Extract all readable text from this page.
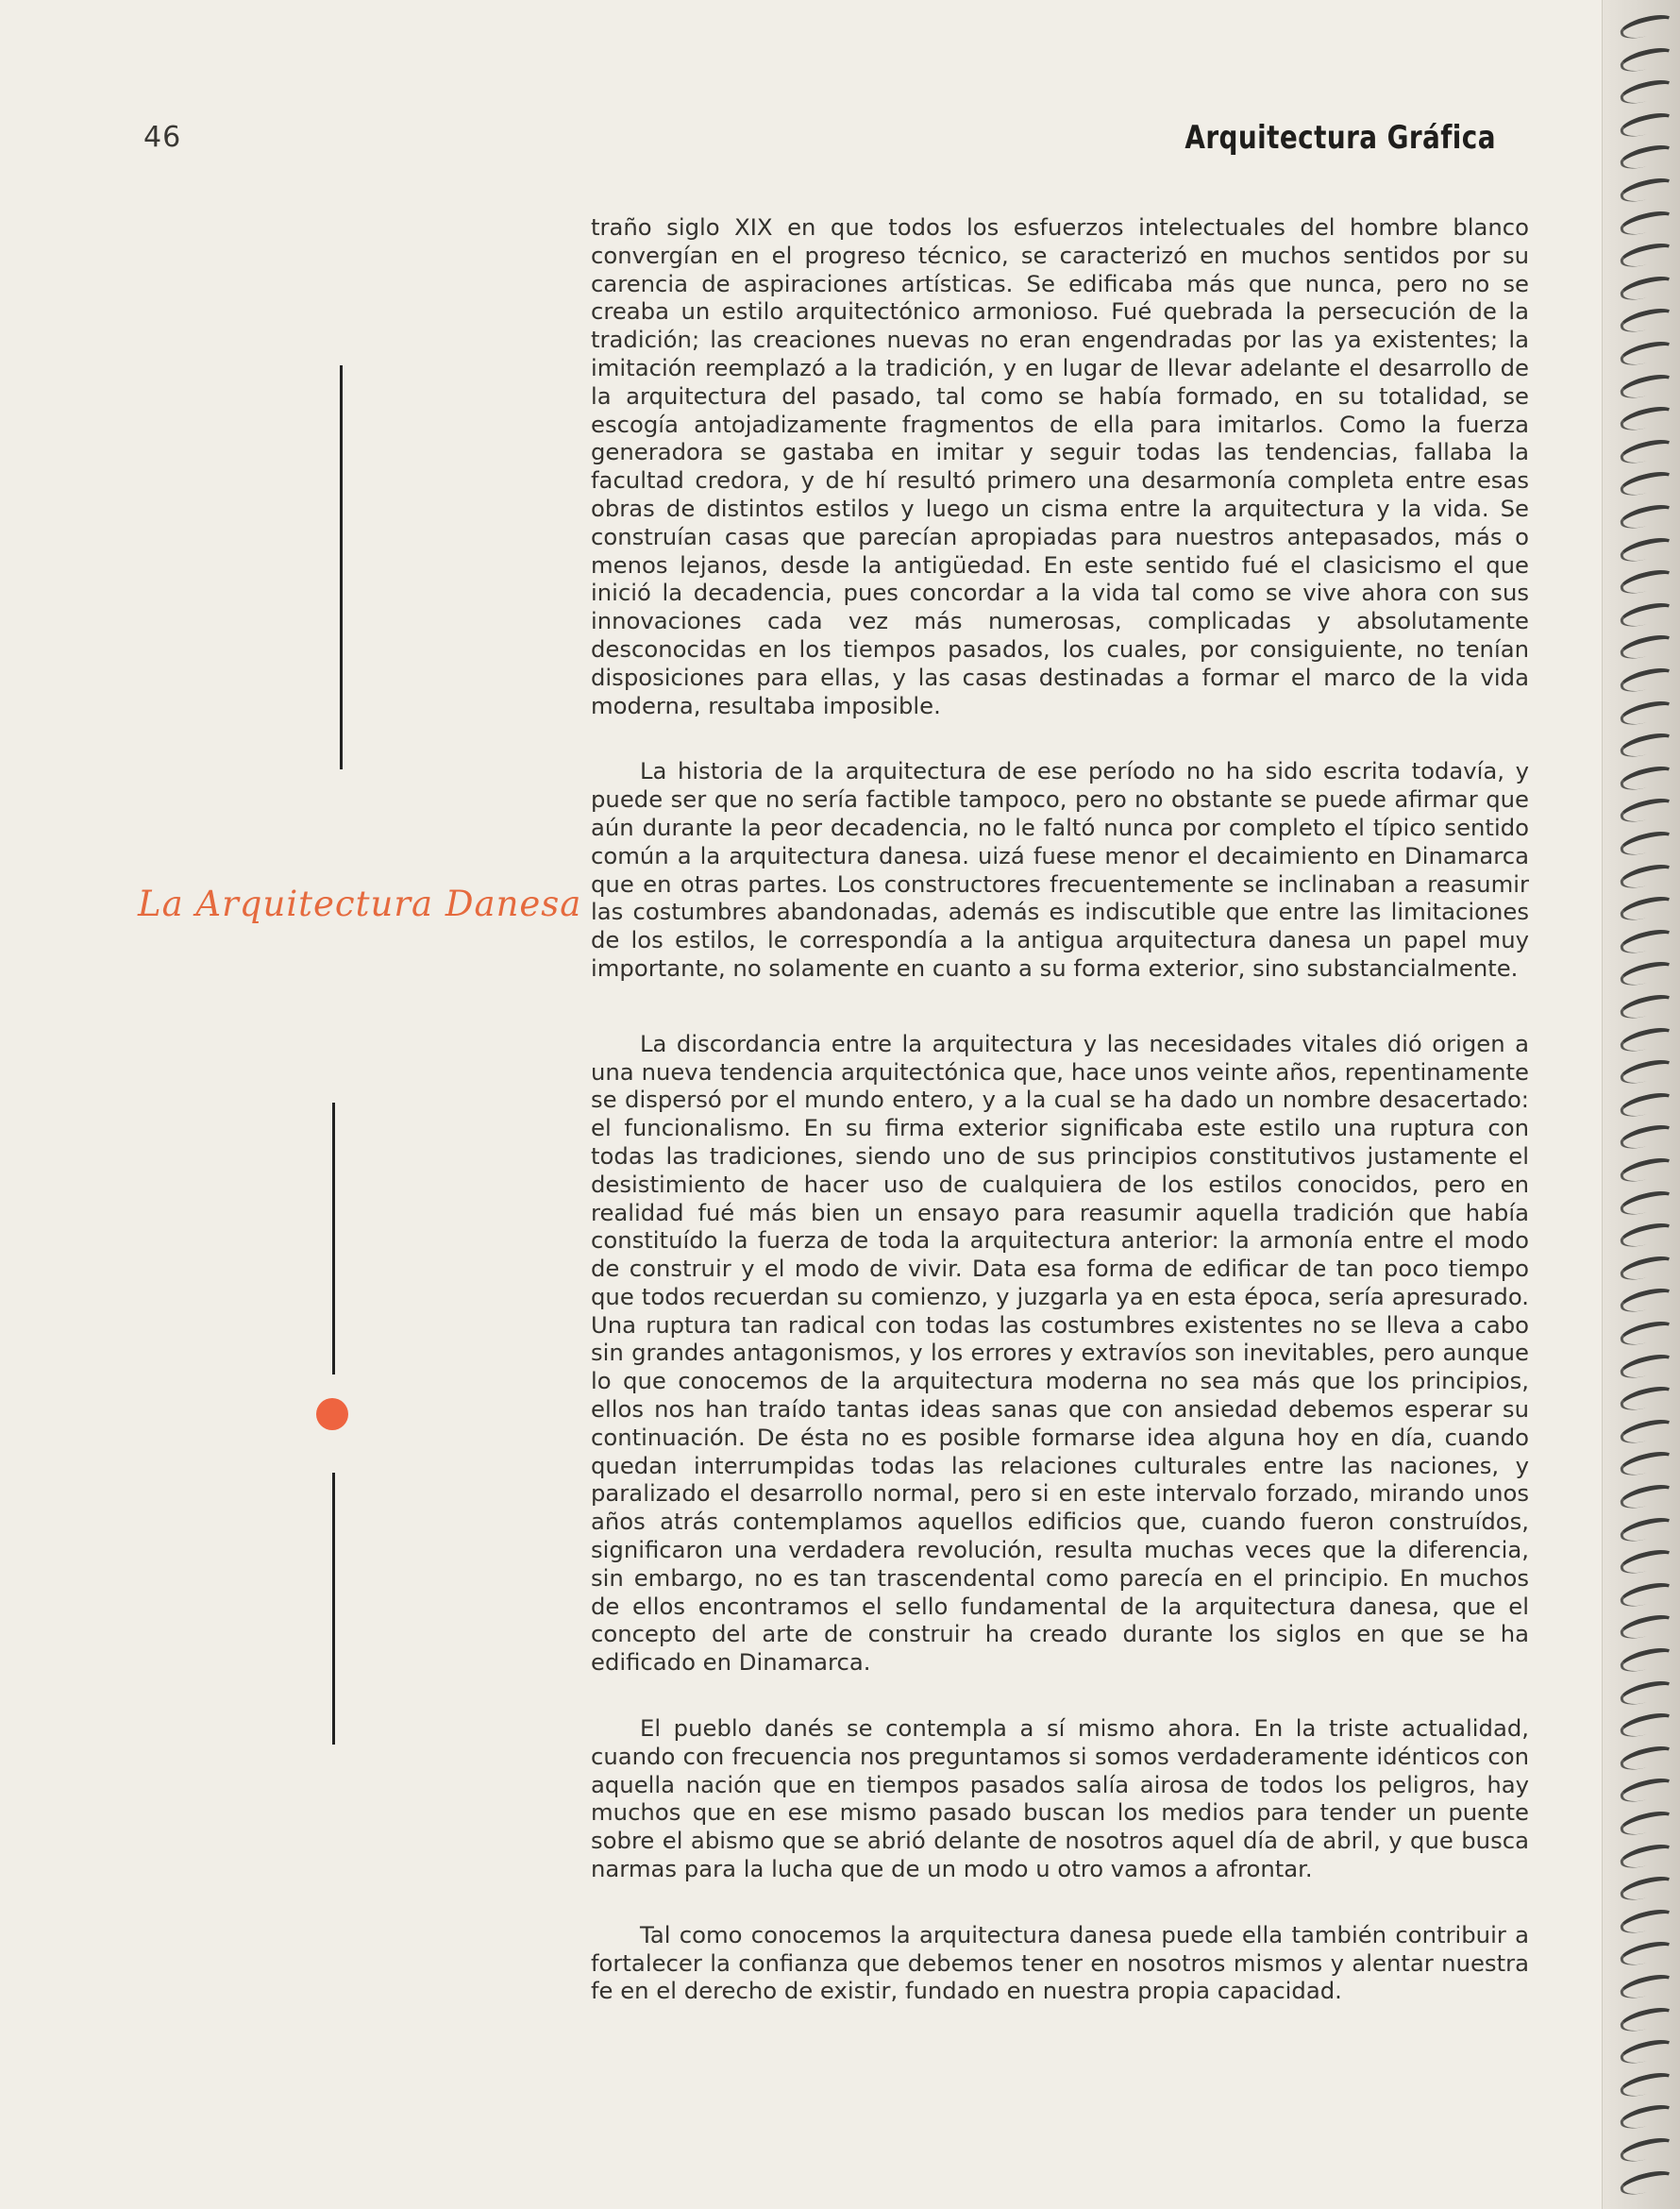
46	Arquitectura Gráfica
La Arquitectura Danesa

traño siglo XIX en que todos los esfuerzos intelectuales del hombre blanco convergían en el progreso técnico, se caracterizó en muchos sentidos por su carencia de aspiraciones artísticas. Se edificaba más que nunca, pero no se creaba un estilo arquitectónico armonioso. Fué quebrada la persecución de la tradición; las creaciones nuevas no eran engendradas por las ya existentes; la imitación reemplazó a la tradición, y en lugar de llevar adelante el desarrollo de la arquitectura del pasado, tal como se había formado, en su totalidad, se escogía antojadizamente fragmentos de ella para imitarlos. Como la fuerza generadora se gastaba en imitar y seguir todas las tendencias, fallaba la facultad credora, y de hí resultó primero una desarmonía completa entre esas obras de distintos estilos y luego un cisma entre la arquitectura y la vida. Se construían casas que parecían apropiadas para nuestros antepasados, más o menos lejanos, desde la antigüedad. En este sentido fué el clasicismo el que inició la decadencia, pues concordar a la vida tal como se vive ahora con sus innovaciones cada vez más numerosas, complicadas y absolutamente desconocidas en los tiempos pasados, los cuales, por consiguiente, no tenían disposiciones para ellas, y las casas destinadas a formar el marco de la vida moderna, resultaba imposible.

La historia de la arquitectura de ese período no ha sido escrita todavía, y puede ser que no sería factible tampoco, pero no obstante se puede afirmar que aún durante la peor decadencia, no le faltó nunca por completo el típico sentido común a la arquitectura danesa. uizá fuese menor el decaimiento en Dinamarca que en otras partes. Los constructores frecuentemente se inclinaban a reasumir las costumbres abandonadas, además es indiscutible que entre las limitaciones de los estilos, le correspondía a la antigua arquitectura danesa un papel muy importante, no solamente en cuanto a su forma exterior, sino substancialmente.

La discordancia entre la arquitectura y las necesidades vitales dió origen a una nueva tendencia arquitectónica que, hace unos veinte años, repentinamente se dispersó por el mundo entero, y a la cual se ha dado un nombre desacertado: el funcionalismo. En su firma exterior significaba este estilo una ruptura con todas las tradiciones, siendo uno de sus principios constitutivos justamente el desistimiento de hacer uso de cualquiera de los estilos conocidos, pero en realidad fué más bien un ensayo para reasumir aquella tradición que había constituído la fuerza de toda la arquitectura anterior: la armonía entre el modo de construir y el modo de vivir. Data esa forma de edificar de tan poco tiempo que todos recuerdan su comienzo, y juzgarla ya en esta época, sería apresurado. Una ruptura tan radical con todas las costumbres existentes no se lleva a cabo sin grandes antagonismos, y los errores y extravíos son inevitables, pero aunque lo que conocemos de la arquitectura moderna no sea más que los principios, ellos nos han traído tantas ideas sanas que con ansiedad debemos esperar su continuación. De ésta no es posible formarse idea alguna hoy en día, cuando quedan interrumpidas todas las relaciones culturales entre las naciones, y paralizado el desarrollo normal, pero si en este intervalo forzado, mirando unos años atrás contemplamos aquellos edificios que, cuando fueron construídos, significaron una verdadera revolución, resulta muchas veces que la diferencia, sin embargo, no es tan trascendental como parecía en el principio. En muchos de ellos encontramos el sello fundamental de la arquitectura danesa, que el concepto del arte de construir ha creado durante los siglos en que se ha edificado en Dinamarca.

El pueblo danés se contempla a sí mismo ahora. En la triste actualidad, cuando con frecuencia nos preguntamos si somos verdaderamente idénticos con aquella nación que en tiempos pasados salía airosa de todos los peligros, hay muchos que en ese mismo pasado buscan los medios para tender un puente sobre el abismo que se abrió delante de nosotros aquel día de abril, y que busca narmas para la lucha que de un modo u otro vamos a afrontar.

Tal como conocemos la arquitectura danesa puede ella también contribuir a fortalecer la confianza que debemos tener en nosotros mismos y alentar nuestra fe en el derecho de existir, fundado en nuestra propia capacidad.
